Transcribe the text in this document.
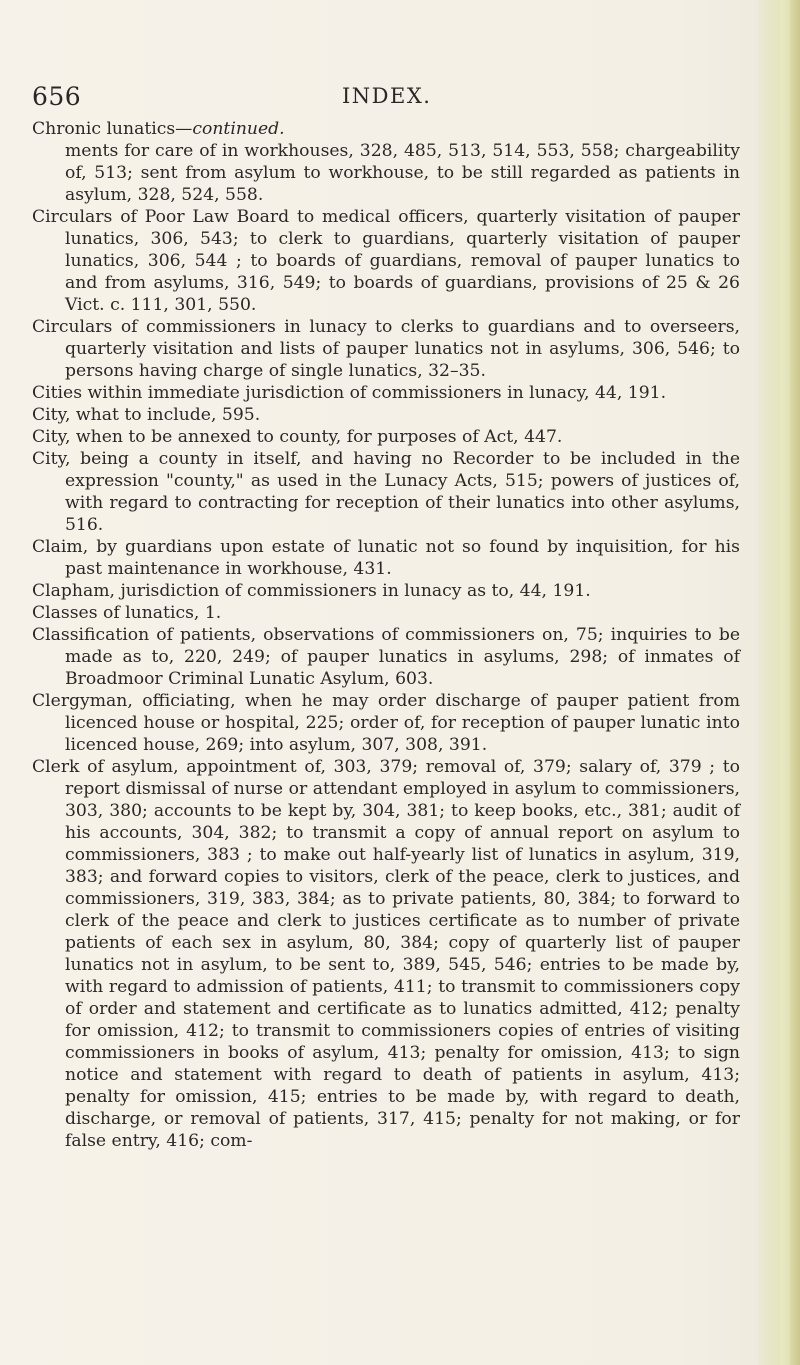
656	INDEX.

Chronic lunatics—continued.
ments for care of in workhouses, 328, 485, 513, 514, 553, 558; chargeability of, 513; sent from asylum to workhouse, to be still regarded as patients in asylum, 328, 524, 558.

Circulars of Poor Law Board to medical officers, quarterly visitation of pauper lunatics, 306, 543; to clerk to guardians, quarterly visitation of pauper lunatics, 306, 544 ; to boards of guardians, removal of pauper lunatics to and from asylums, 316, 549; to boards of guardians, provisions of 25 & 26 Vict. c. 111, 301, 550.

Circulars of commissioners in lunacy to clerks to guardians and to overseers, quarterly visitation and lists of pauper lunatics not in asylums, 306, 546; to persons having charge of single lunatics, 32–35.

Cities within immediate jurisdiction of commissioners in lunacy, 44, 191.

City, what to include, 595.

City, when to be annexed to county, for purposes of Act, 447.

City, being a county in itself, and having no Recorder to be included in the expression "county," as used in the Lunacy Acts, 515; powers of justices of, with regard to contracting for reception of their lunatics into other asylums, 516.

Claim, by guardians upon estate of lunatic not so found by inquisition, for his past maintenance in workhouse, 431.

Clapham, jurisdiction of commissioners in lunacy as to, 44, 191.

Classes of lunatics, 1.

Classification of patients, observations of commissioners on, 75; inquiries to be made as to, 220, 249; of pauper lunatics in asylums, 298; of inmates of Broadmoor Criminal Lunatic Asylum, 603.

Clergyman, officiating, when he may order discharge of pauper patient from licenced house or hospital, 225; order of, for reception of pauper lunatic into licenced house, 269; into asylum, 307, 308, 391.

Clerk of asylum, appointment of, 303, 379; removal of, 379; salary of, 379 ; to report dismissal of nurse or attendant employed in asylum to commissioners, 303, 380; accounts to be kept by, 304, 381; to keep books, etc., 381; audit of his accounts, 304, 382; to transmit a copy of annual report on asylum to commissioners, 383 ; to make out half-yearly list of lunatics in asylum, 319, 383; and forward copies to visitors, clerk of the peace, clerk to justices, and commissioners, 319, 383, 384; as to private patients, 80, 384; to forward to clerk of the peace and clerk to justices certificate as to number of private patients of each sex in asylum, 80, 384; copy of quarterly list of pauper lunatics not in asylum, to be sent to, 389, 545, 546; entries to be made by, with regard to admission of patients, 411; to transmit to commissioners copy of order and statement and certificate as to lunatics admitted, 412; penalty for omission, 412; to transmit to commissioners copies of entries of visiting commissioners in books of asylum, 413; penalty for omission, 413; to sign notice and statement with regard to death of patients in asylum, 413; penalty for omission, 415; entries to be made by, with regard to death, discharge, or removal of patients, 317, 415; penalty for not making, or for false entry, 416; com-
